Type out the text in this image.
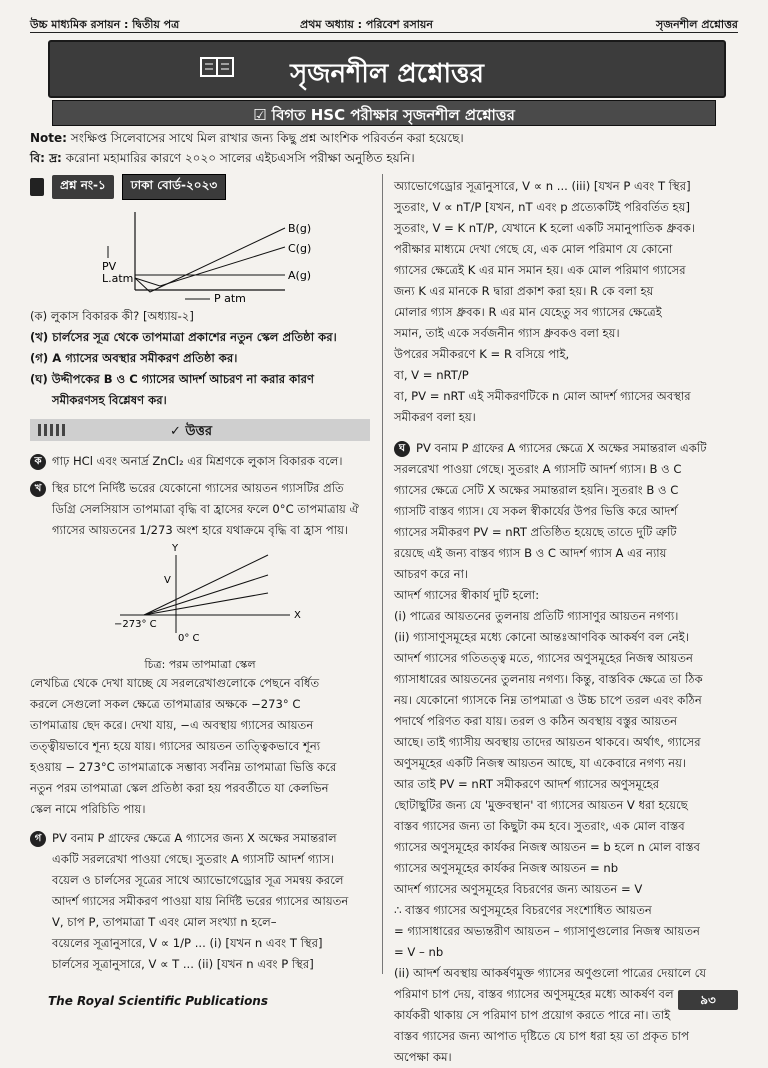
উচ্চ মাধ্যমিক রসায়ন : দ্বিতীয় পত্র	প্রথম অধ্যায় : পরিবেশ রসায়ন	সৃজনশীল প্রশ্নোত্তর
সৃজনশীল প্রশ্নোত্তর
☑ বিগত HSC পরীক্ষার সৃজনশীল প্রশ্নোত্তর
Note: সংক্ষিপ্ত সিলেবাসের সাথে মিল রাখার জন্য কিছু প্রশ্ন আংশিক পরিবর্তন করা হয়েছে।
বি: দ্র: করোনা মহামারির কারণে ২০২০ সালের এইচএসসি পরীক্ষা অনুষ্ঠিত হয়নি।
প্রশ্ন নং-১	ঢাকা বোর্ড-২০২৩
PV
L.atm
B(g)
C(g)
A(g)
P atm

(ক) লুকাস বিকারক কী? [অধ্যায়-২]

(খ) চার্লসের সূত্র থেকে তাপমাত্রা প্রকাশের নতুন স্কেল প্রতিষ্ঠা কর।

(গ) A গ্যাসের অবস্থার সমীকরণ প্রতিষ্ঠা কর।

(ঘ) উদ্দীপকের B ও C গ্যাসের আদর্শ আচরণ না করার কারণ

সমীকরণসহ বিশ্লেষণ কর।

✓ উত্তর

ক গাঢ় HCl এবং অনার্দ্র ZnCl₂ এর মিশ্রণকে লুকাস বিকারক বলে।

খ স্থির চাপে নির্দিষ্ট ভরের যেকোনো গ্যাসের আয়তন গ্যাসটির প্রতি

ডিগ্রি সেলসিয়াস তাপমাত্রা বৃদ্ধি বা হ্রাসের ফলে 0°C তাপমাত্রায় ঐ

গ্যাসের আয়তনের 1/273 অংশ হারে যথাক্রমে বৃদ্ধি বা হ্রাস পায়।

Y
V
X
−273° C
0° C

চিত্র: পরম তাপমাত্রা স্কেল

লেখচিত্র থেকে দেখা যাচ্ছে যে সরলরেখাগুলোকে পেছনে বর্ধিত

করলে সেগুলো সকল ক্ষেত্রে তাপমাত্রার অক্ষকে −273° C

তাপমাত্রায় ছেদ করে। দেখা যায়, −এ অবস্থায় গ্যাসের আয়তন

তত্ত্বীয়ভাবে শূন্য হয়ে যায়। গ্যাসের আয়তন তাত্ত্বিকভাবে শূন্য

হওয়ায় − 273°C তাপমাত্রাকে সম্ভাব্য সর্বনিম্ন তাপমাত্রা ভিত্তি করে

নতুন পরম তাপমাত্রা স্কেল প্রতিষ্ঠা করা হয় পরবর্তীতে যা কেলভিন

স্কেল নামে পরিচিতি পায়।

গ PV বনাম P গ্রাফের ক্ষেত্রে A গ্যাসের জন্য X অক্ষের সমান্তরাল

একটি সরলরেখা পাওয়া গেছে। সুতরাং A গ্যাসটি আদর্শ গ্যাস।

বয়েল ও চার্লসের সূত্রের সাথে অ্যাভোগেড্রোর সূত্র সমন্বয় করলে

আদর্শ গ্যাসের সমীকরণ পাওয়া যায় নির্দিষ্ট ভরের গ্যাসের আয়তন

V, চাপ P, তাপমাত্রা T এবং মোল সংখ্যা n হলে–

বয়েলের সূত্রানুসারে, V ∝ 1/P ... (i) [যখন n এবং T স্থির]

চার্লসের সূত্রানুসারে, V ∝ T ... (ii) [যখন n এবং P স্থির]

অ্যাভোগেড্রোর সূত্রানুসারে, V ∝ n ... (iii) [যখন P এবং T স্থির]

সুতরাং, V ∝ nT/P [যখন, nT এবং p প্রত্যেকটিই পরিবর্তিত হয়]

সুতরাং, V = K nT/P, যেখানে K হলো একটি সমানুপাতিক ধ্রুবক।

পরীক্ষার মাধ্যমে দেখা গেছে যে, এক মোল পরিমাণ যে কোনো

গ্যাসের ক্ষেত্রেই K এর মান সমান হয়। এক মোল পরিমাণ গ্যাসের

জন্য K এর মানকে R দ্বারা প্রকাশ করা হয়। R কে বলা হয়

মোলার গ্যাস ধ্রুবক। R এর মান যেহেতু সব গ্যাসের ক্ষেত্রেই

সমান, তাই একে সর্বজনীন গ্যাস ধ্রুবকও বলা হয়।

উপরের সমীকরণে K = R বসিয়ে পাই,

বা, V = nRT/P

বা, PV = nRT এই সমীকরণটিকে n মোল আদর্শ গ্যাসের অবস্থার

সমীকরণ বলা হয়।

ঘ PV বনাম P গ্রাফের A গ্যাসের ক্ষেত্রে X অক্ষের সমান্তরাল একটি

সরলরেখা পাওয়া গেছে। সুতরাং A গ্যাসটি আদর্শ গ্যাস। B ও C

গ্যাসের ক্ষেত্রে সেটি X অক্ষের সমান্তরাল হয়নি। সুতরাং B ও C

গ্যাসটি বাস্তব গ্যাস। যে সকল স্বীকার্যের উপর ভিত্তি করে আদর্শ

গ্যাসের সমীকরণ PV = nRT প্রতিষ্ঠিত হয়েছে তাতে দুটি ত্রুটি

রয়েছে এই জন্য বাস্তব গ্যাস B ও C আদর্শ গ্যাস A এর ন্যায়

আচরণ করে না।

আদর্শ গ্যাসের স্বীকার্য দুটি হলো:

(i) পাত্রের আয়তনের তুলনায় প্রতিটি গ্যাসাণুর আয়তন নগণ্য।

(ii) গ্যাসাণুসমূহের মধ্যে কোনো আন্তঃআণবিক আকর্ষণ বল নেই।

আদর্শ গ্যাসের গতিতত্ত্ব মতে, গ্যাসের অণুসমূহের নিজস্ব আয়তন

গ্যাসাধারের আয়তনের তুলনায় নগণ্য। কিন্তু, বাস্তবিক ক্ষেত্রে তা ঠিক

নয়। যেকোনো গ্যাসকে নিম্ন তাপমাত্রা ও উচ্চ চাপে তরল এবং কঠিন

পদার্থে পরিণত করা যায়। তরল ও কঠিন অবস্থায় বস্তুর আয়তন

আছে। তাই গ্যাসীয় অবস্থায় তাদের আয়তন থাকবে। অর্থাৎ, গ্যাসের

অণুসমূহের একটি নিজস্ব আয়তন আছে, যা একেবারে নগণ্য নয়।

আর তাই PV = nRT সমীকরণে আদর্শ গ্যাসের অণুসমূহের

ছোটাছুটির জন্য যে 'মুক্তবস্থান' বা গ্যাসের আয়তন V ধরা হয়েছে

বাস্তব গ্যাসের জন্য তা কিছুটা কম হবে। সুতরাং, এক মোল বাস্তব

গ্যাসের অণুসমূহের কার্যকর নিজস্ব আয়তন = b হলে n মোল বাস্তব

গ্যাসের অণুসমূহের কার্যকর নিজস্ব আয়তন = nb

আদর্শ গ্যাসের অণুসমূহের বিচরণের জন্য আয়তন = V

∴ বাস্তব গ্যাসের অণুসমূহের বিচরণের সংশোধিত আয়তন

= গ্যাসাধারের অভ্যন্তরীণ আয়তন – গ্যাসাণুগুলোর নিজস্ব আয়তন

= V – nb

(ii) আদর্শ অবস্থায় আকর্ষণমুক্ত গ্যাসের অণুগুলো পাত্রের দেয়ালে যে

পরিমাণ চাপ দেয়, বাস্তব গ্যাসের অণুসমূহের মধ্যে আকর্ষণ বল

কার্যকরী থাকায় সে পরিমাণ চাপ প্রয়োগ করতে পারে না। তাই

বাস্তব গ্যাসের জন্য আপাত দৃষ্টিতে যে চাপ ধরা হয় তা প্রকৃত চাপ

অপেক্ষা কম।

The Royal Scientific Publications	৯৩
